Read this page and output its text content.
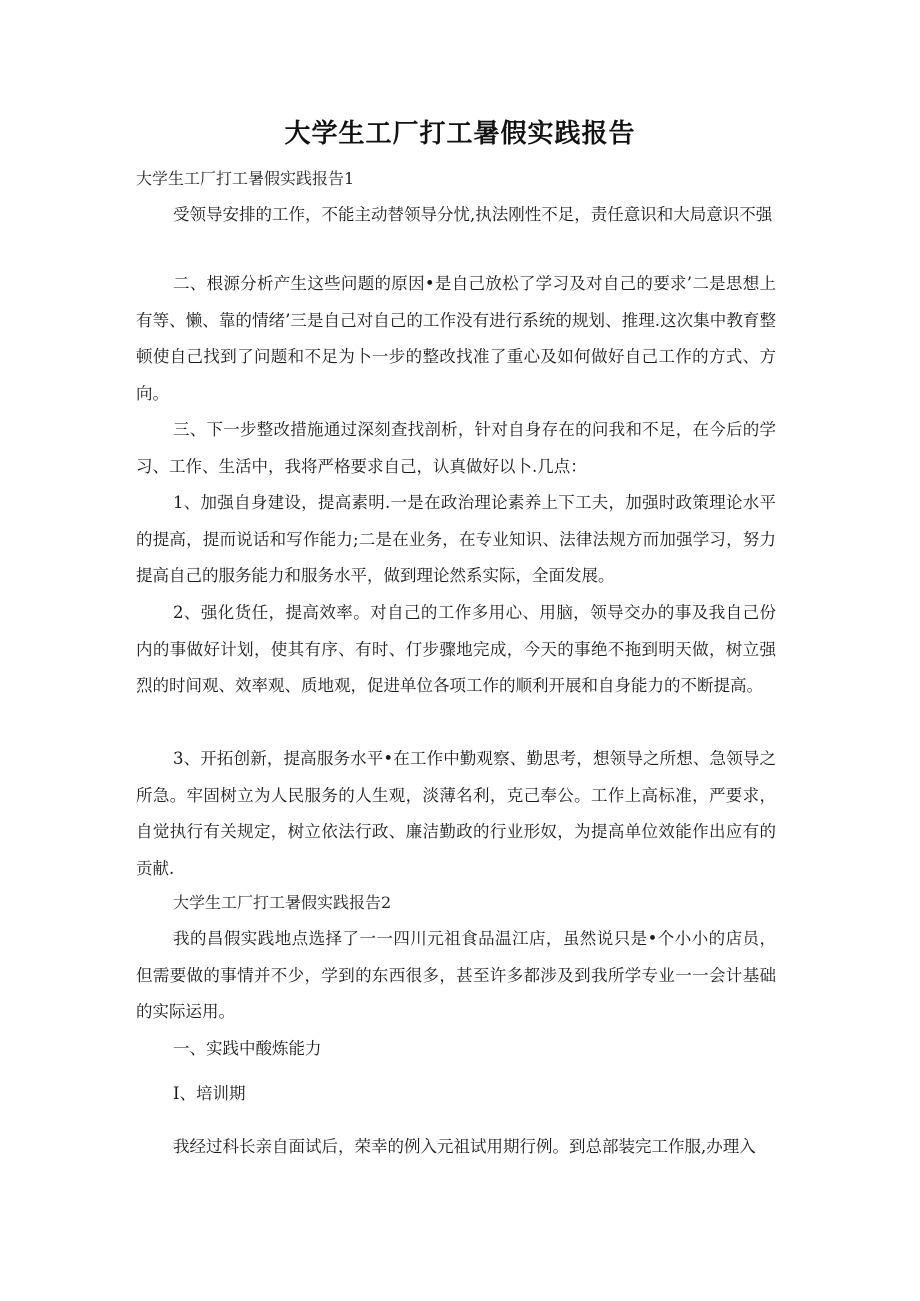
大学生工厂打工暑假实践报告
大学生工厂打工暑假实践报告1

受领导安排的工作，不能主动替领导分忧,执法刚性不足，责任意识和大局意识不强

二、根源分析产生这些问题的原因•是自己放松了学习及对自己的要求’二是思想上有等、懒、靠的情绪’三是自己对自己的工作没有进行系统的规划、推理.这次集中教育整顿使自己找到了问题和不足为卜一步的整改找准了重心及如何做好自己工作的方式、方向。

三、下一步整改措施通过深刻查找剖析，针对自身存在的问我和不足，在今后的学习、工作、生活中，我将严格要求自己，认真做好以卜.几点：

1、加强自身建设，提高素明.一是在政治理论素养上下工夫，加强时政策理论水平的提高，提而说话和写作能力;二是在业务，在专业知识、法律法规方而加强学习，努力提高自己的服务能力和服务水平，做到理论然系实际，全面发展。

2、强化货任，提高效率。对自己的工作多用心、用脑，领导交办的事及我自己份内的事做好计划，使其有序、有时、仃步骤地完成，今天的事绝不拖到明天做，树立强烈的时间观、效率观、质地观，促进单位各项工作的顺利开展和自身能力的不断提高。

3、开拓创新，提高服务水平•在工作中勤观察、勤思考，想领导之所想、急领导之所急。牢固树立为人民服务的人生观，淡薄名利，克己奉公。工作上高标准，严要求，自觉执行有关规定，树立依法行政、廉洁勤政的行业形奴，为提高单位效能作出应有的贡献.

大学生工厂打工暑假实践报告2

我的昌假实践地点选择了一一四川元祖食品温江店，虽然说只是•个小小的店员，但需要做的事情并不少，学到的东西很多，甚至许多都涉及到我所学专业一一会计基础的实际运用。

一、实践中酸炼能力
I、培训期
我经过科长亲自面试后，荣幸的例入元祖试用期行例。到总部装完工作服,办理入
